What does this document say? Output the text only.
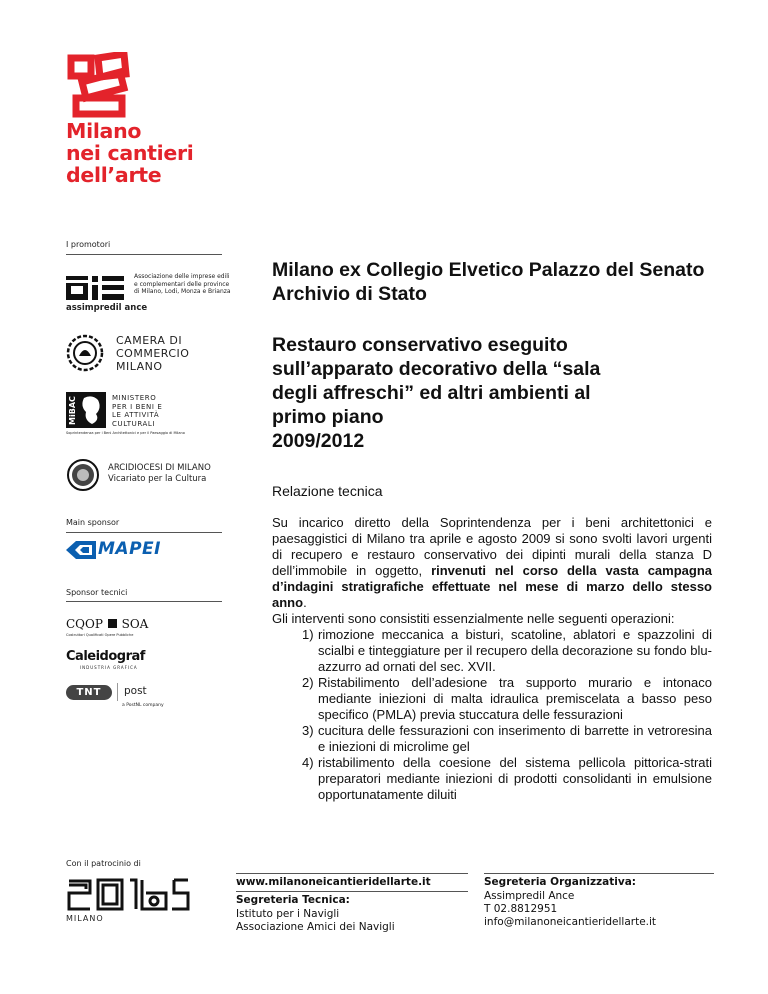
Milano
nei cantieri
dell’arte
I promotori
Associazione delle imprese edili e complementari delle province di Milano, Lodi, Monza e Brianza
assimpredil ance
CAMERA DI
COMMERCIO
MILANO
MiBAC	MINISTERO
PER I BENI E
LE ATTIVITÀ
CULTURALI
Soprintendenza per i Beni Architettonici e per il Paesaggio di Milano
ARCIDIOCESI DI MILANO
Vicariato per la Cultura
Main sponsor
MAPEI
Sponsor tecnici
CQOP SOA
Costruttori Qualificati Opere Pubbliche
Caleidograf
INDUSTRIA GRAFICA
TNT	post
a PostNL company
Milano ex Collegio Elvetico Palazzo del Senato Archivio di Stato
Restauro conservativo eseguito
sull’apparato decorativo della “sala
degli affreschi” ed altri ambienti al
primo piano
2009/2012
Relazione tecnica

Su incarico diretto della Soprintendenza per i beni architettonici e paesaggistici di Milano tra aprile e agosto 2009 si sono svolti lavori urgenti di recupero e restauro conservativo dei dipinti murali della stanza D dell’immobile in oggetto, rinvenuti nel corso della vasta campagna d’indagini stratigrafiche effettuate nel mese di marzo dello stesso anno.

Gli interventi sono consistiti essenzialmente nelle seguenti operazioni:

1) rimozione meccanica a bisturi, scatoline, ablatori e spazzolini di scialbi e tinteggiature per il recupero della decorazione su fondo blu-azzurro ad ornati del sec. XVII.
2) Ristabilimento dell’adesione tra supporto murario e intonaco mediante iniezioni di malta idraulica premiscelata a basso peso specifico (PMLA) previa stuccatura delle fessurazioni
3) cucitura delle fessurazioni con inserimento di barrette in vetroresina e iniezioni di microlime gel
4) ristabilimento della coesione del sistema pellicola pittorica-strati preparatori mediante iniezioni di prodotti consolidanti in emulsione opportunatamente diluiti
Con il patrocinio di
MILANO
www.milanoneicantieridellarte.it
Segreteria Tecnica:
Istituto per i Navigli
Associazione Amici dei Navigli
Segreteria Organizzativa:
Assimpredil Ance
T 02.8812951
info@milanoneicantieridellarte.it
